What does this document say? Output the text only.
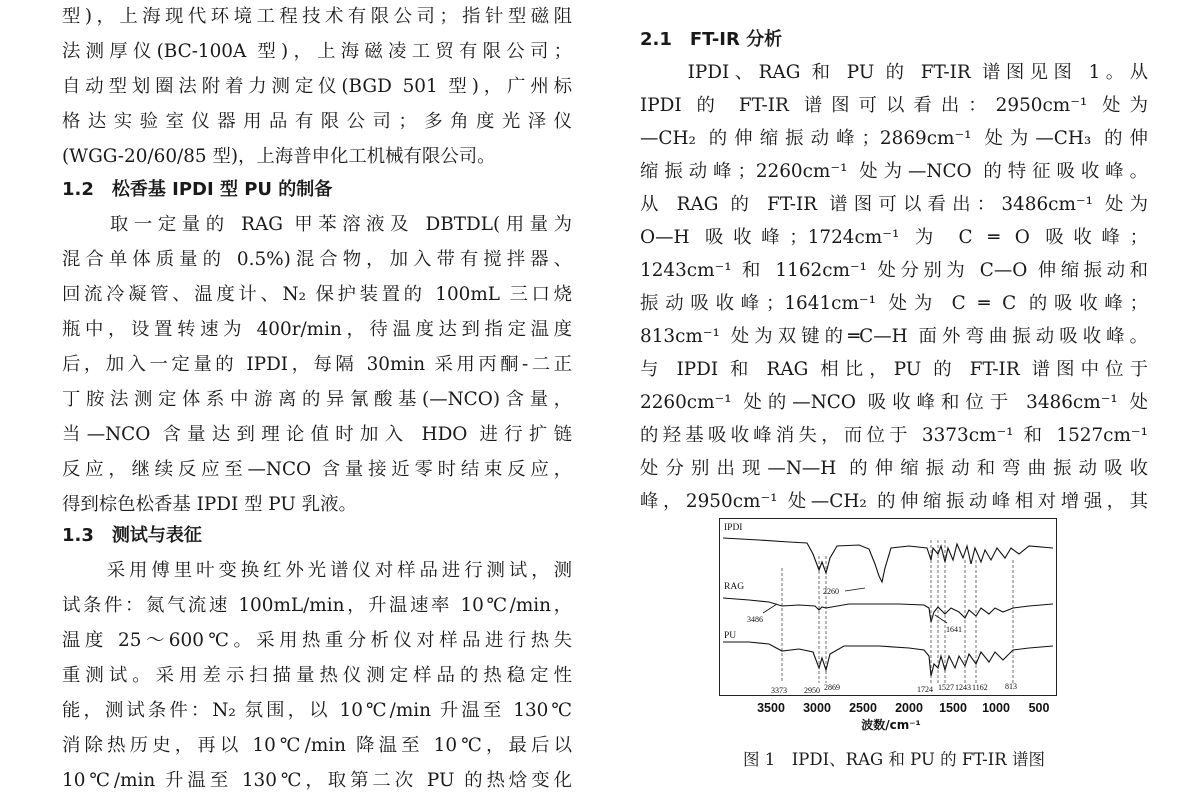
型)，上海现代环境工程技术有限公司；指针型磁阻
法测厚仪(BC-100A 型)，上海磁凌工贸有限公司；
自动型划圈法附着力测定仪(BGD 501 型)，广州标
格达实验室仪器用品有限公司；多角度光泽仪
(WGG-20/60/85 型)，上海普申化工机械有限公司。
1.2　松香基 IPDI 型 PU 的制备
　　取一定量的 RAG 甲苯溶液及 DBTDL(用量为
混合单体质量的 0.5%)混合物，加入带有搅拌器、
回流冷凝管、温度计、N₂ 保护装置的 100mL 三口烧
瓶中，设置转速为 400r/min，待温度达到指定温度
后，加入一定量的 IPDI，每隔 30min 采用丙酮-二正
丁胺法测定体系中游离的异氰酸基(—NCO)含量，
当—NCO 含量达到理论值时加入 HDO 进行扩链
反应，继续反应至—NCO 含量接近零时结束反应，
得到棕色松香基 IPDI 型 PU 乳液。
1.3　测试与表征
　　采用傅里叶变换红外光谱仪对样品进行测试，测
试条件：氮气流速 100mL/min，升温速率 10℃/min，
温度 25～600℃。采用热重分析仪对样品进行热失
重测试。采用差示扫描量热仪测定样品的热稳定性
能，测试条件：N₂ 氛围，以 10℃/min 升温至 130℃
消除热历史，再以 10℃/min 降温至 10℃，最后以
10℃/min 升温至 130℃，取第二次 PU 的热焓变化
2.1　FT-IR 分析
　　IPDI、RAG 和 PU 的 FT-IR 谱图见图 1。从
IPDI 的 FT-IR 谱图可以看出：2950cm⁻¹ 处为
—CH₂ 的伸缩振动峰；2869cm⁻¹ 处为—CH₃ 的伸
缩振动峰；2260cm⁻¹ 处为—NCO 的特征吸收峰。
从 RAG 的 FT-IR 谱图可以看出：3486cm⁻¹ 处为
O—H 吸收峰；1724cm⁻¹ 为 C ═ O 吸收峰；
1243cm⁻¹ 和 1162cm⁻¹ 处分别为 C—O 伸缩振动和
振动吸收峰；1641cm⁻¹ 处为 C ═ C 的吸收峰；
813cm⁻¹ 处为双键的═C—H 面外弯曲振动吸收峰。
与 IPDI 和 RAG 相比，PU 的 FT-IR 谱图中位于
2260cm⁻¹ 处的—NCO 吸收峰和位于 3486cm⁻¹ 处
的羟基吸收峰消失，而位于 3373cm⁻¹ 和 1527cm⁻¹
处分别出现—N—H 的伸缩振动和弯曲振动吸收
峰，2950cm⁻¹ 处—CH₂ 的伸缩振动峰相对增强，其
IPDI
RAG
PU
2260
3486
1641
3373 2950 2869	1724 1527 1243 1162 813
3500 3000 2500 2000 1500 1000 500
波数/cm⁻¹
图 1　IPDI、RAG 和 PU 的 FT-IR 谱图
